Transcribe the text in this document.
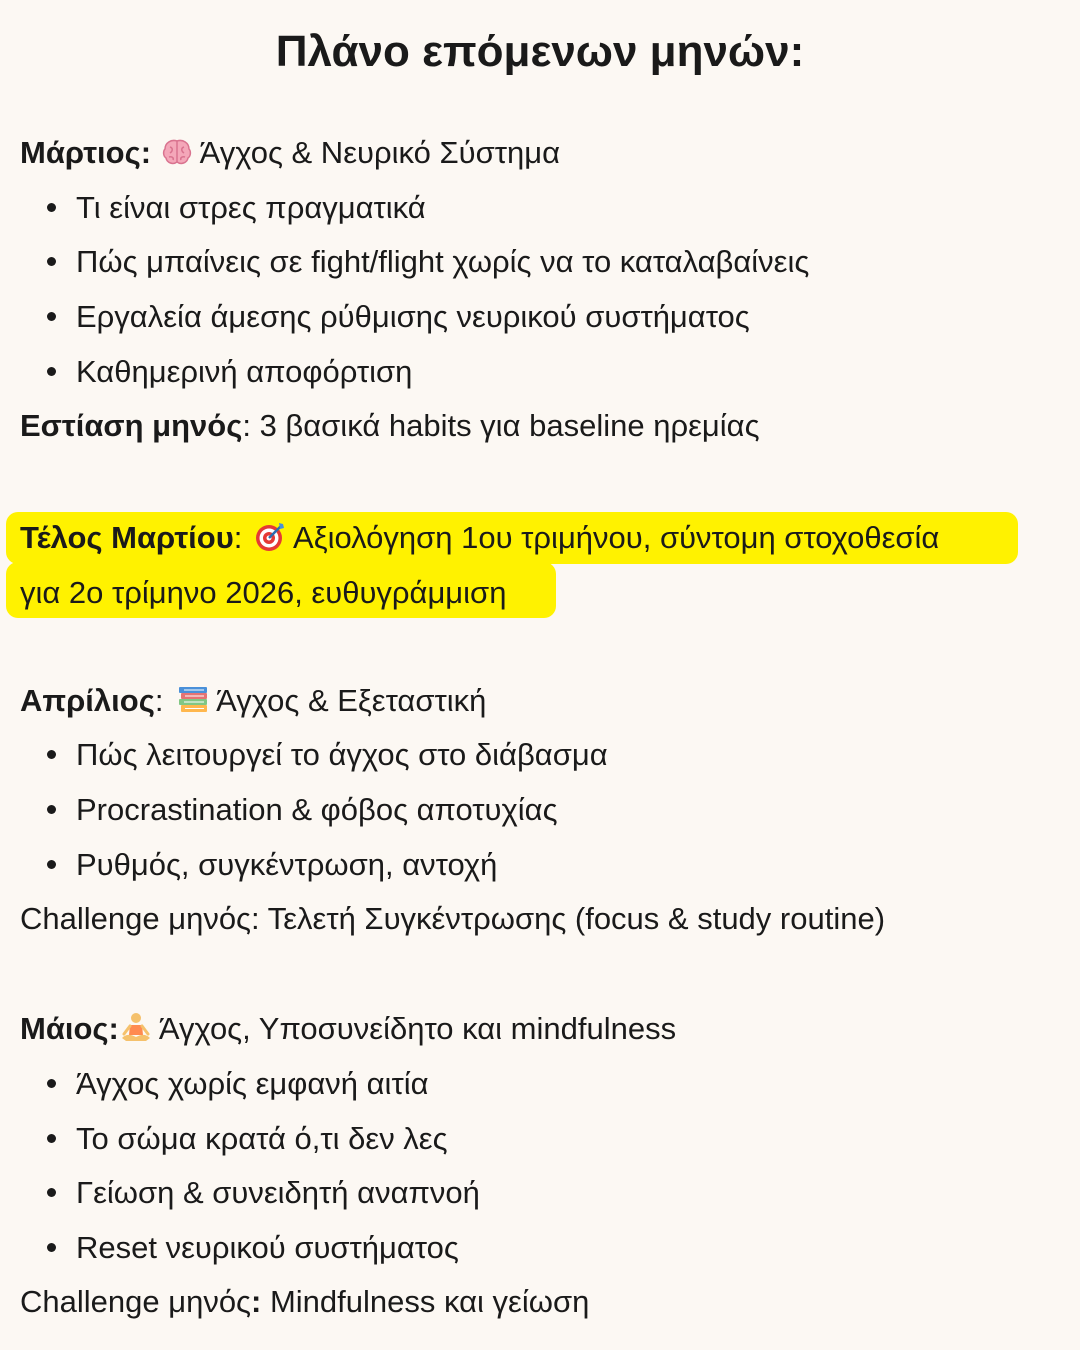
Πλάνο επόμενων μηνών:
Μάρτιος: Άγχος & Νευρικό Σύστημα
Τι είναι στρες πραγματικά
Πώς μπαίνεις σε fight/flight χωρίς να το καταλαβαίνεις
Εργαλεία άμεσης ρύθμισης νευρικού συστήματος
Καθημερινή αποφόρτιση
Εστίαση μηνός: 3 βασικά habits για baseline ηρεμίας
Τέλος Μαρτίου: Αξιολόγηση 1ου τριμήνου, σύντομη στοχοθεσία
για 2ο τρίμηνο 2026, ευθυγράμμιση
Απρίλιος: Άγχος & Εξεταστική
Πώς λειτουργεί το άγχος στο διάβασμα
Procrastination & φόβος αποτυχίας
Ρυθμός, συγκέντρωση, αντοχή
Challenge μηνός: Τελετή Συγκέντρωσης (focus & study routine)
Μάιος: Άγχος, Υποσυνείδητο και mindfulness
Άγχος χωρίς εμφανή αιτία
Το σώμα κρατά ό,τι δεν λες
Γείωση & συνειδητή αναπνοή
Reset νευρικού συστήματος
Challenge μηνός: Mindfulness και γείωση
